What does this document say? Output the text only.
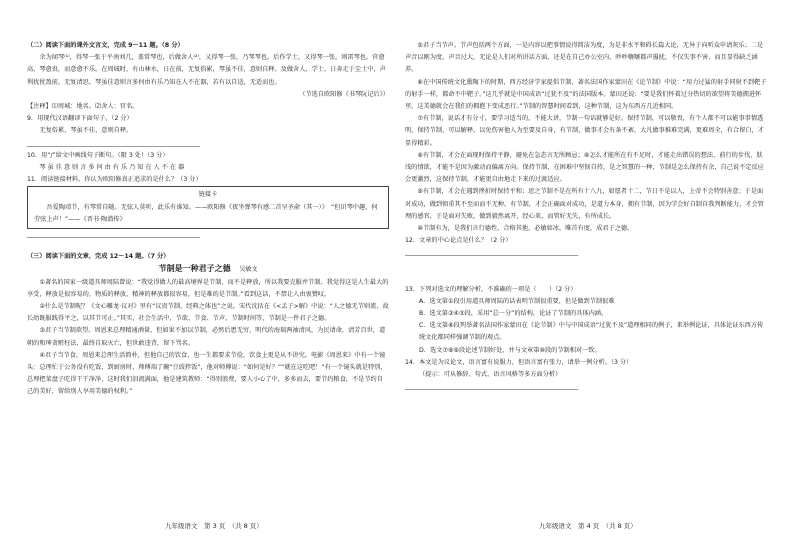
（二）阅读下面的课外文言文，完成 9～11 题。（8 分）

余为闻琴⁽¹⁾，得琴一张于平南刘几，盖常琴也，后做舍人⁽²⁾，又得琴一张，乃琴琴也。后作学士，又得琴一张，则雷琴也。官愈高，琴愈贵，而意愈不乐。在周城时，有山林水，日在前，无复俗累，琴虽不佳，意则自释。及做舍人、学士，日奔走于尘土中，声利扰扰盈前，无复清思，琴虽佳意则言多何由有乐乃知在人不在器，若有以自适，无适而也。

（节选自欧阳修《书琴阮记后》）

【注释】⑴周城：地名。⑵舍人：官名。

9．用现代汉语翻译下面句子。（2 分）

无复俗累，琴虽不佳，意则自释。

________________________________________________________

10．用“/”给文中画线句子断句。（限 3 处）（3 分）

琴 虽 佳 意 则 言 多 何 由 有 乐 乃 知 在 人 不 在 器

11．阅读链接材料，你认为欧阳修真正追求的是什么？（3 分）

链接卡
吾爱陶靖节，有琴常自随。无弦人莫听，此乐有谁知。——欧阳修《夜坐弹琴有感二首呈圣俞（其一）》　“但识琴中趣，何劳弦上声！”——《晋书·陶潜传》

________________________________________________________

（三）阅读下面的文章，完成 12～14 题。（7 分）

节制是一种君子之德 吴敏文

①著名的国家一级道具师周陆曾说：“我觉得做人的最高境界是节制，而不是释放，所以我要克服并节制。我觉得这是人生最大的享受，释放是很容易的，物质的释放、精神的释放都很容易，但是难的是节制。”看到这话，不禁让人由衷赞叹。

②什么是节制呢？《文心雕龙·议对》里有“议贵节制，经典之体也”之说。宋代沈括在《<孟子>解》中说：“人之德无节则流，故长幼既服践得平之，以其节可止。”其实，社会生活中，节欲、节食、节声，节制时间等，节制是一件君子之德。

③君子当节制欲望。周恩来总理精通酒量，但如果不加以节制，必然后患无穷，明代的海瑞两袖清风，为民请命，清芳百世，道朝的和珅贪赃枉法，最终自取灭亡，但世敢违背，留下骂名。

④君子当节食，周恩来总理生活简朴，但他自己的饮食，也一生都要求节俭，饮食上更是从不讲究。电影《周恩来》中有一个镜头：总理忙于公务没有吃饭，到厨房时，师傅端了碗“豆豉拌饭”，他对师傅说：“如何是好？”“就在这吃吧！”有一个镜头就是特别，总理把菜盘子吃得干干净净，这时我们泪流满面，他是建筑教师：“得别浪费，要人小心了中，多多而去，要节约粮食，不是节约自己的美好，留给别人享用美德的权利。”

⑤君子当节声。节声包括两个方面，一是内容以把事情说得简洁为度，为是非水平和碍长篇大论，无异于向听众申请灰乐；二是声音以刚为度，声音过大，无论是人们对所讲话方面，还是在自己办公室内，吵吵嚷嚷都声嚣扰，不仅失事不害，而且显得缺乏涵养。

⑥在中国传统文化熏陶下的时期，西方经济学家提倡节制，著名法国作家蒙田在《论节制》中说：“用力过猛的射手同射不到靶子的射手一样，都命不中靶子。”这几乎就是中国成语“过犹不及”的法国版本。蒙田还说：“要是我们怀着过分热切的欲望将美德拥进怀里，这美德就会在我们的拥抱下变成恶行。”节制的智慧时间看到，这种节制，这为东西方几近相同。

⑦有节制，说话才有分寸，要学习适当的，不能大讲，节制一句话就够是好。保持节制，可以敬畏，有个人都不可以能事事情透明，保持节制，可以解释，以免伤害他人为至要及自身，有节制，做事才会有条不紊，大凡做事推难完满，更难周全，有合留白，才显得精彩。

⑧有节制，才会在面现时保持平静，避免在急态言无所顾忌；⑧怎么才能所在有不足时，才能走出错误的想法、前行的步伐，肤浅的情欲，才能不是因为激动而偏离方向。保持节制，在困难中坚韧自持，是之智慧的一种，节制是怎么保持有余，自己说不定反应会更激烈，这保持节制，才能更自由地走下来的过渡适应。

⑨有节制，才会在遇到挫折时保持平和；思之节制不是在所有十八九，如愿者十二，节日不是以人，上帝不会特别善意；于是面对成功，做到慎重其不至而而不无种。有节制，才会正确面对成功，是道力本身，拥有节制，因为学会好自制自我判断能力，才会管理的感官，于是面对失败，做到毅然离开，经心来，而管好无失，有所成长。

⑩节制有为，是我们言行德性，合格其他，必敏如冰，唯首有度，成君子之德。

12．文章的中心论点是什么？（2 分）

________________________________________________________

13．下列对选文的理解分析，不准确的一项是（　　）（2 分）

A．选文第①段引用道具师周陆的话表明节制很重要，但是做到节制很难

B．选文第③④⑤段，采用“总一分”的结构，论证了节制的具体内涵。

C．选文第⑥段列举著名法国作家蒙田在《论节制》中与中国成语“过犹不及”道理相同的例子，来举例论证，具体论证东西方传统文化都同样强调节制的观点。

D．选文⑦⑧⑨段论述节制好处，并与文章第⑩段的节制相对一致。

14．本文是为议论文，语言富有说服力，但语言富有张力，请举一例分析。（3 分）

（提示：可从修辞、句式、语言风格等多方面分析）

________________________________________________________

九年级语文　第 3 页　（共 8 页）	九年级语文　第 4 页　（共 8 页）
